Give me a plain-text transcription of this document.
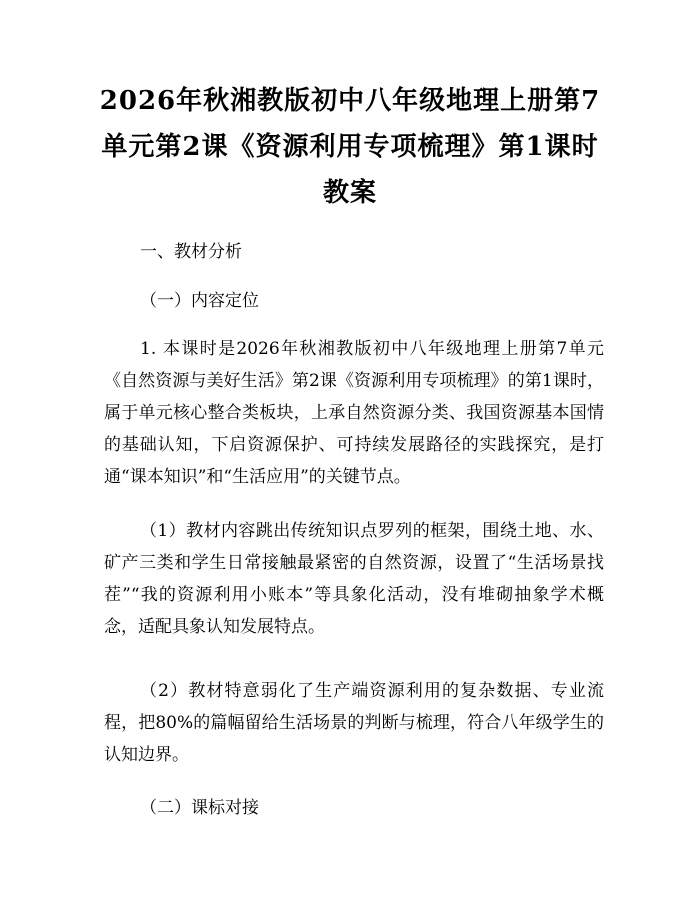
2026年秋湘教版初中八年级地理上册第7单元第2课《资源利用专项梳理》第1课时教案

一、教材分析

（一）内容定位

1. 本课时是2026年秋湘教版初中八年级地理上册第7单元《自然资源与美好生活》第2课《资源利用专项梳理》的第1课时，属于单元核心整合类板块，上承自然资源分类、我国资源基本国情的基础认知，下启资源保护、可持续发展路径的实践探究，是打通“课本知识”和“生活应用”的关键节点。

（1）教材内容跳出传统知识点罗列的框架，围绕土地、水、矿产三类和学生日常接触最紧密的自然资源，设置了“生活场景找茬”“我的资源利用小账本”等具象化活动，没有堆砌抽象学术概念，适配具象认知发展特点。

（2）教材特意弱化了生产端资源利用的复杂数据、专业流程，把80%的篇幅留给生活场景的判断与梳理，符合八年级学生的认知边界。

（二）课标对接
